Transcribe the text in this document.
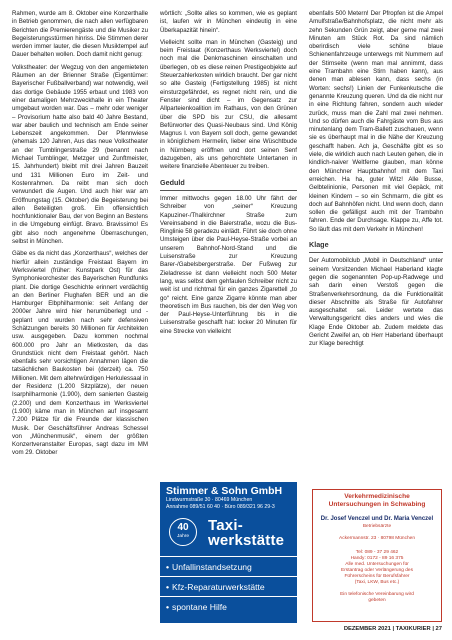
Rahmen, wurde am 8. Oktober eine Konzerthalle in Betrieb genommen, die nach allen verfügbaren Berichten die Premierengäste und die Musiker zu Begeisterungsstürmen hinriss. Die Stimmen derer werden immer lauter, die diesen Musiktempel auf Dauer behalten wollen. Doch damit nicht genug:

Volkstheater: der Wegzug von den angemieteten Räumen an der Brienner Straße (Eigentümer: Bayerischer Fußballverband) war notwendig, weil das dortige Gebäude 1955 erbaut und 1983 von einer damaligen Mehrzweckhalle in ein Theater umgebaut worden war. Das – mehr oder weniger – Provisorium hatte also bald 40 Jahre Bestand, war aber baulich und technisch am Ende seiner Lebenszeit angekommen. Der Pfennwiese (ehemals 120 Jahren, Aus das neue Volkstheater an der Tumblingerstraße 29 (benannt nach Michael Tumblinger, Metzger und Zunftmeister, 15. Jahrhundert) bleibt mit drei Jahren Bauzeit und 131 Millionen Euro im Zeit- und Kostenrahmen. Da reibt man sich doch verwundert die Augen. Und auch hier war am Eröffnungstag (15. Oktober) die Begeisterung bei allen Beteiligten groß. Ein offensichtlich hochfunktionaler Bau, der von Beginn an Bestens in die Umgebung einfügt. Bravo. Bravissimo! Es gibt also noch angenehme Überraschungen, selbst in München.

Gäbe es da nicht das „Konzerthaus“, welches der hierfür allein zuständige Freistaat Bayern im Werksviertel (früher: Kunstpark Ost) für das Symphonieorchester des Bayerischen Rundfunks plant. Die dortige Geschichte erinnert verdächtig an den Berliner Flughafen BER und an die Hamburger Elbphilharmonie: seit Anfang der 2000er Jahre wird hier herumüberlegt und -geplant und wurden nach sehr defensiven Schätzungen bereits 30 Millionen für Architekten usw. ausgegeben. Dazu kommen nochmal 600.000 pro Jahr an Mietkosten, da das Grundstück nicht dem Freistaat gehört. Nach ebenfalls sehr vorsichtigen Annahmen lägen die tatsächlichen Baukosten bei (derzeit) ca. 750 Millionen. Mit dem altehrwürdigen Herkulessaal in der Residenz (1.200 Sitzplätze), der neuen Isarphilharmonie (1.900), dem sanierten Gasteig (2.200) und dem Konzerthaus im Werksviertel (1.900) käme man in München auf insgesamt 7.200 Plätze für die Freunde der klassischen Musik. Der Geschäftsführer Andreas Schessel von „Münchenmusik“, einem der größten Konzertveranstalter Europas, sagt dazu im MM vom 29. Oktober

wörtlich: „Sollte alles so kommen, wie es geplant ist, laufen wir in München eindeutig in eine Überkapazität hinein“.

Vielleicht sollte man in München (Gasteig) und beim Freistaat (Konzerthaus Werksviertel) doch noch mal die Denkmaschinen einschalten und überlegen, ob es diese reinen Prestigeobjekte auf Steuerzahlerkosten wirklich braucht. Der gar nicht so alte Gasteig (Fertigstellung 1985) ist nicht einsturzgefährdet, es regnet nicht rein, und die Fenster sind dicht – im Gegensatz zur Allparteienkoalition im Rathaus, von den Grünen über die SPD bis zur CSU, die allesamt Befürworter des Quasi-Neubaus sind. Und König Magnus I. von Bayern soll doch, gerne gewandet in königlichem Hermelin, lieber eine Wüschtbude in Nürnberg eröffnen und dort seinen Senf dazugeben, als uns gehorchtete Untertanen in weitere finanzielle Abenteuer zu treiben.

Geduld

Immer mittwochs gegen 18.00 Uhr fährt der Schreiber von „seiner“ Kreuzung Kapuziner-/Thalkirchner Straße zum Vereinsabend in die Baierstraße, wozu die Bus-Ringlinie 58 geradezu einlädt. Führt sie doch ohne Umsteigen über die Paul-Heyse-Straße vorbei an unserem Bahnhof-Nord-Stand und die Luisenstraße zur Kreuzung Barer-/Gabelsbergerstraße. Der Fußweg zur Zieladresse ist dann vielleicht noch 500 Meter lang, was selbst dem gehfaulen Schreiber nicht zu weit ist und richtmal für ein ganzes Zigarettell „to go“ reicht. Eine ganze Zigarre könnte man aber theoretisch im Bus rauchen, bis der den Weg von der Paul-Heyse-Unterführung bis in die Luisenstraße geschafft hat: locker 20 Minuten für eine Strecke von vielleicht

ebenfalls 500 Metern! Der Pfropfen ist die Ampel Amulfstraße/Bahnhofsplatz, die nicht mehr als zehn Sekunden Grün zeigt, aber gerne mal zwei Minuten am Stück Rot. Da sind nämlich oberirdisch viele schöne blaue Schienenfahrzeuge unterwegs mit Nummern auf der Stirnseite (wenn man mal annimmt, dass eine Trambahn eine Stirn haben kann), aus denen man ablesen kann, dass sechs (in Worten: sechs!) Linien der Funkenkutsche die genannte Kreuzung queren. Und da die nicht nur in eine Richtung fahren, sondern auch wieder zurück, muss man die Zahl mal zwei nehmen. Und so dürfen auch die Fahrgäste vom Bus aus minutenlang dem Tram-Ballett zuschauen, wenn sie es überhaupt mal in die Nähe der Kreuzung geschafft haben. Ach ja, Geschäfte gibt es so viele, die wirklich auch nach Leuten gehen, die in kindlich-naiver Weltferne glauben, man könne den Münchner Hauptbahnhof mit dem Taxi erreichen. Ha ha, guter Witz! Alle Busse, Gelbtelinionie, Personen mit viel Gepäck, mit kleinen Kindern – so ein Schmarrn, die gibt es doch auf Bahnhöfen nicht. Und wenn doch, dann sollen die gefälligst auch mit der Trambahn fahren. Ende der Durchsage. Klappe zu, Affe tot. So läuft das mit dem Verkehr in München!

Klage

Der Automobilclub „Mobil in Deutschland“ unter seinem Vorsitzenden Michael Haberland klagte gegen die sogenannten Pop-up-Radwege und sah darin einen Verstoß gegen die Straßenverkehrsordnung, da die Funktionalität dieser Abschnitte als Straße für Autofahrer ausgeschaltet sei. Leider wertete das Verwaltungsgericht dies anders und wies die Klage Ende Oktober ab. Zudem meldete das Gericht Zweifel an, ob Herr Haberland überhaupt zur Klage berechtigt

Stimmer & Sohn GmbH
Lindwurmstraße 30 · 80469 München
Annahme 089/51 60 40 · Büro 089/321 96 29-3
40
Jahre
Taxi-
werkstätte
• Unfallinstandsetzung
• Kfz-Reparaturwerkstätte
• spontane Hilfe
Verkehrmedizinische
Untersuchungen in Schwabing
Dr. Josef Venczel und Dr. Maria Venczel
Betriebsärzte
Ackermannstr. 23 · 80798 München
Tel: 089 - 37 29 462
Handy: 0172 - 89 16 375
Alle med. Untersuchungen für
Erstantrag oder Verlängerung des
Führerscheins für Berufsfahrer
(Taxi, LKW, Bus etc.)
Ein telefonische Vereinbarung wird
gebeten
DEZEMBER 2021 | TAXIKURIER | 27
